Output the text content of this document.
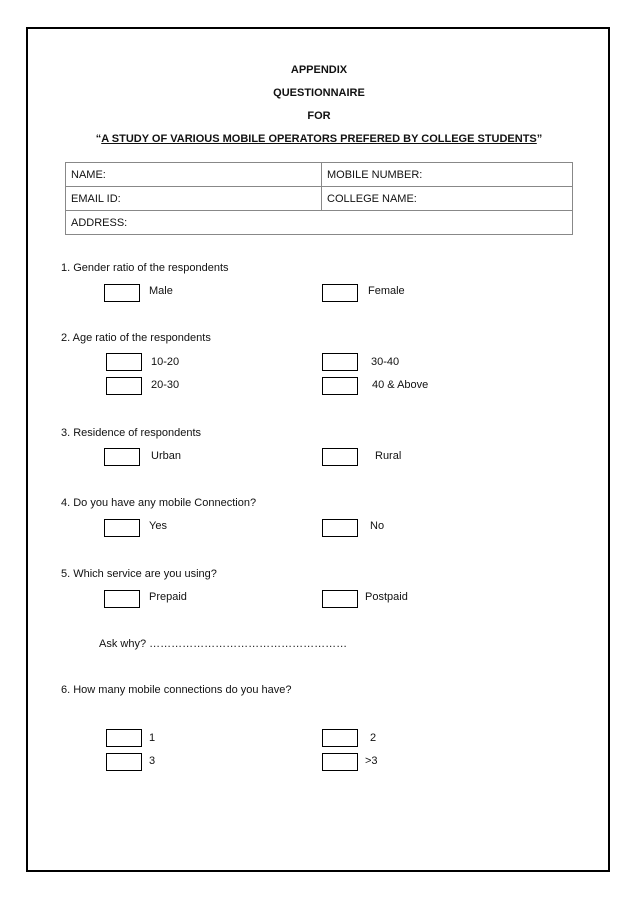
APPENDIX
QUESTIONNAIRE
FOR
“A STUDY OF VARIOUS MOBILE OPERATORS PREFERED BY COLLEGE STUDENTS”
NAME:	MOBILE NUMBER:
EMAIL ID:	COLLEGE NAME:
ADDRESS:	
1. Gender ratio of the respondents
Male	Female
2. Age ratio of the respondents
10-20	30-40
20-30	40 & Above
3. Residence of respondents
Urban	Rural
4. Do you have any mobile Connection?
Yes	No
5. Which service are you using?
Prepaid	Postpaid
Ask why? ………………………………………………
6. How many mobile connections do you have?
1	2
3	>3
